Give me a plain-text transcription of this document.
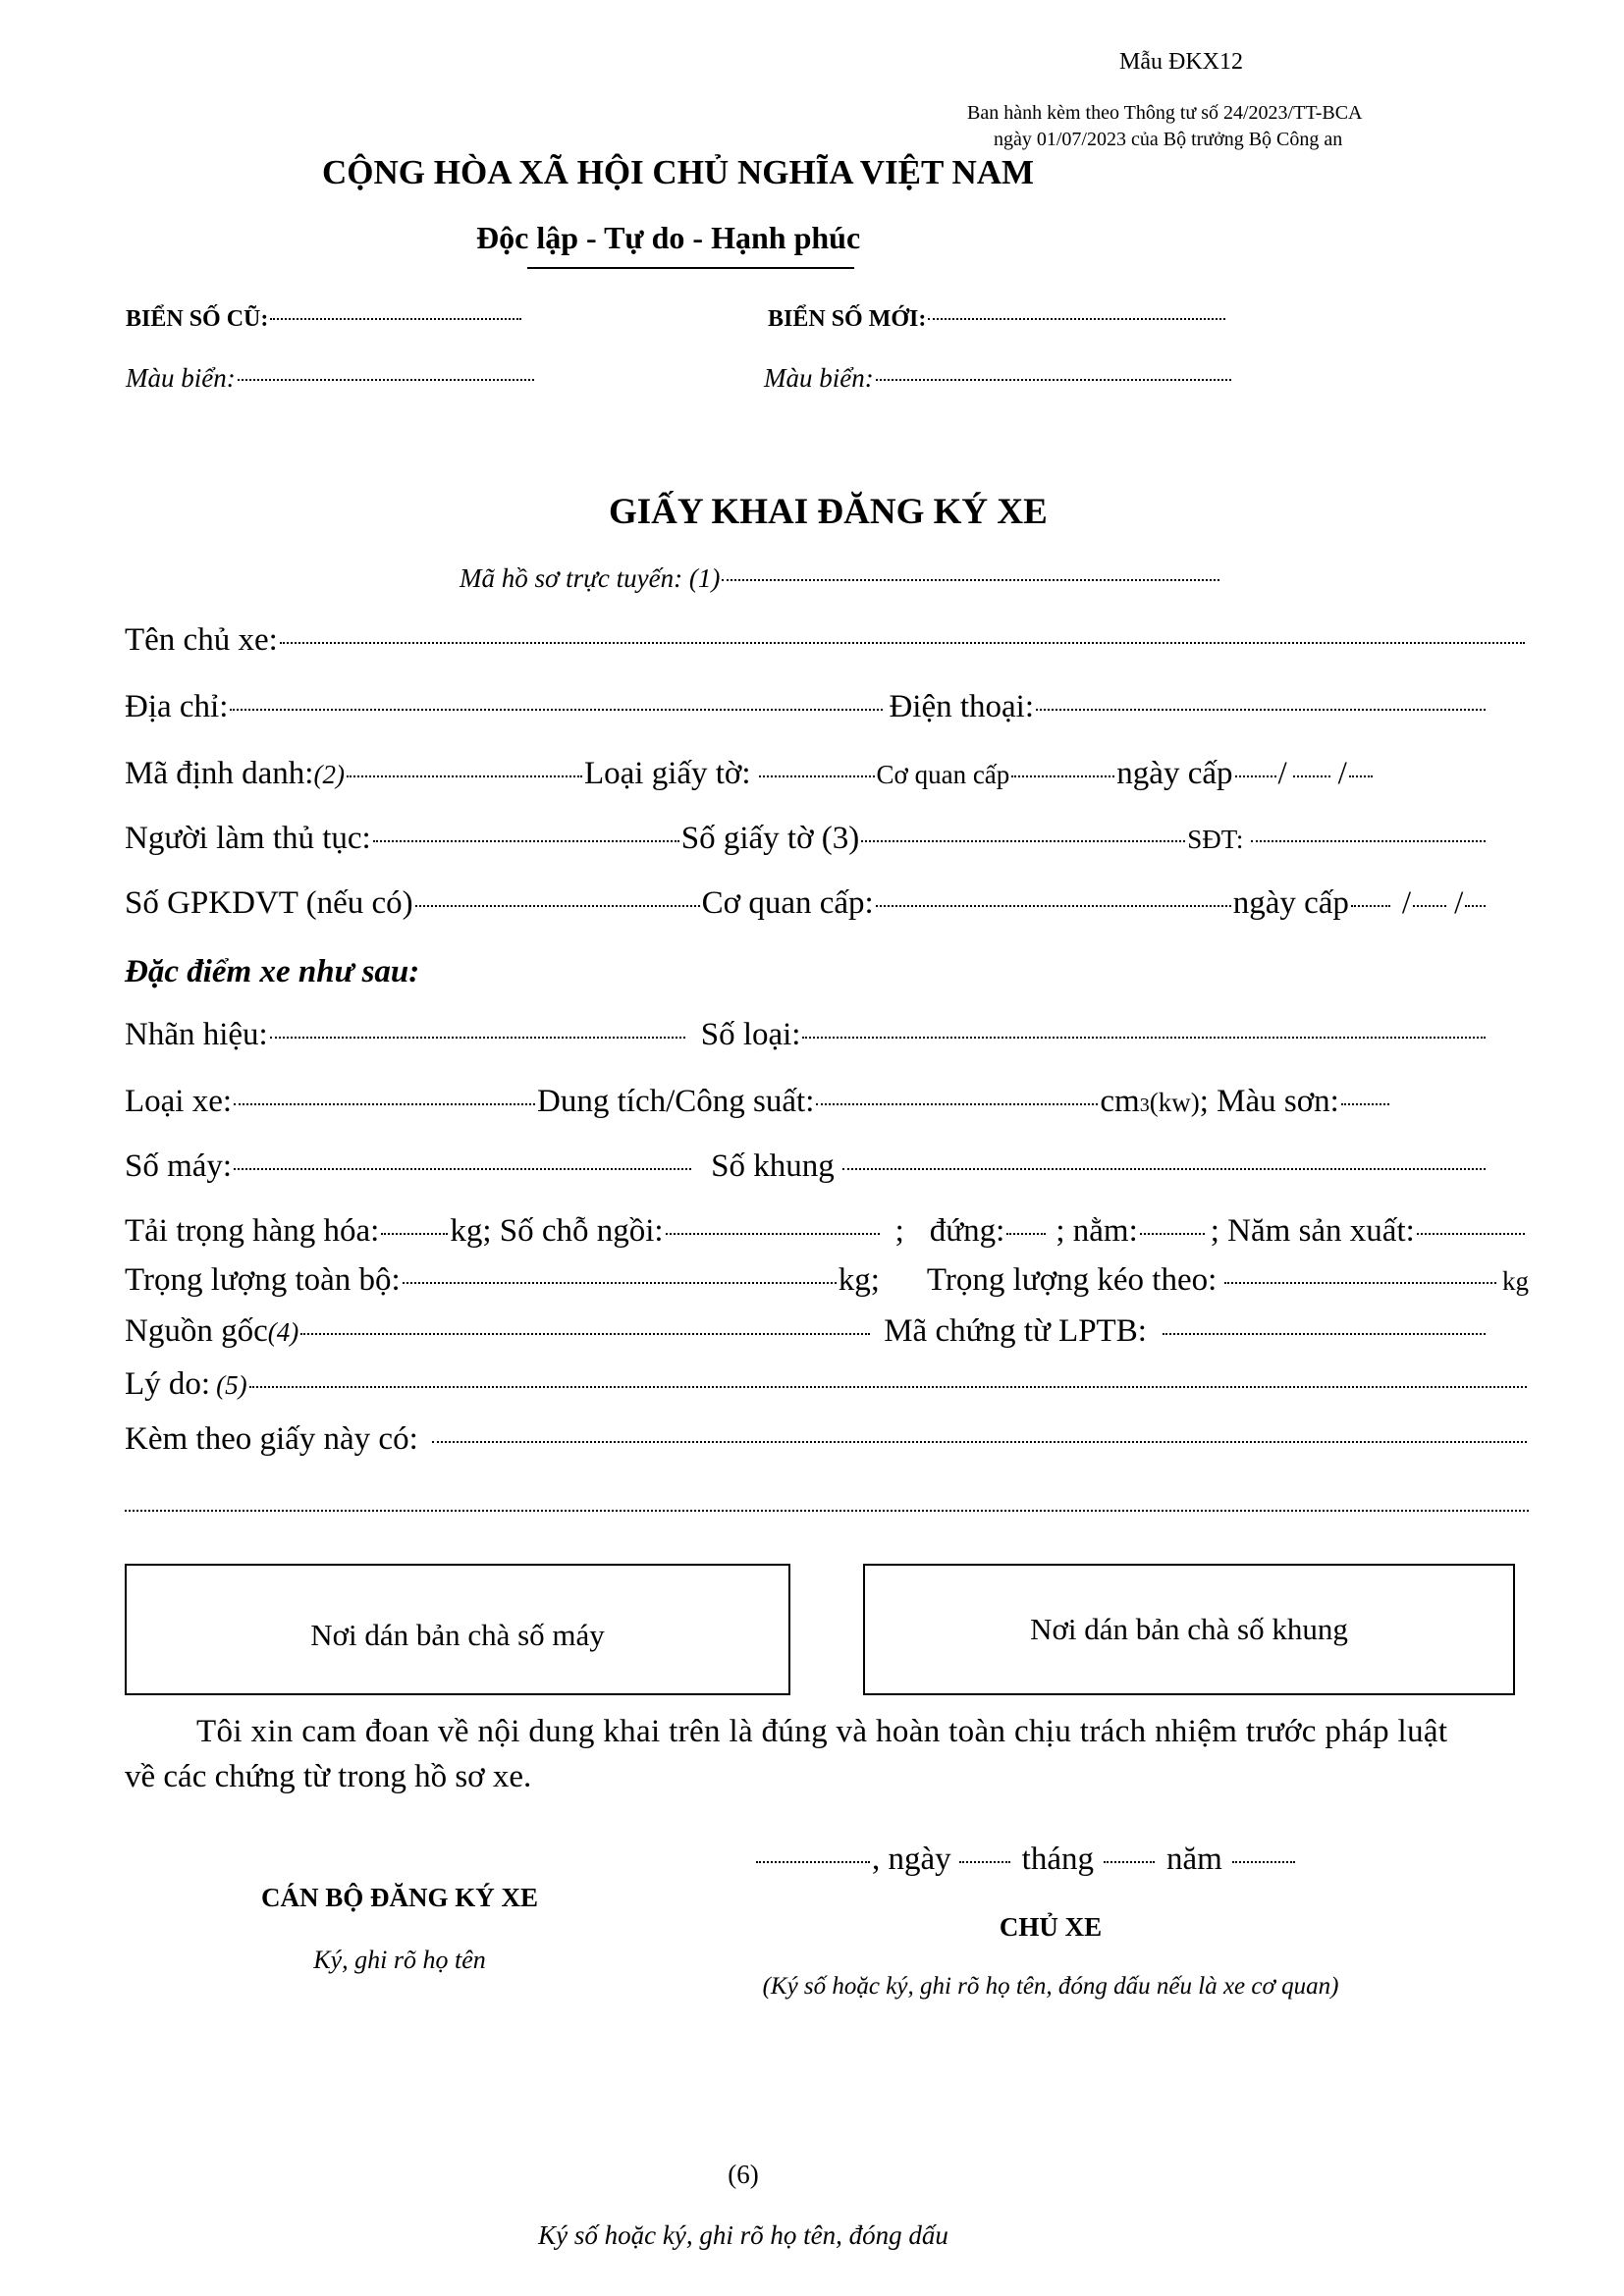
Mẫu ĐKX12
Ban hành kèm theo Thông tư số 24/2023/TT-BCA
ngày 01/07/2023 của Bộ trưởng Bộ Công an
CỘNG HÒA XÃ HỘI CHỦ NGHĨA VIỆT NAM
Độc lập - Tự do - Hạnh phúc
BIỂN SỐ CŨ:	BIỂN SỐ MỚI:
Màu biển:	Màu biển:
GIẤY KHAI ĐĂNG KÝ XE
Mã hồ sơ trực tuyến: (1)
Tên chủ xe:
Địa chỉ:	Điện thoại:
Mã định danh: (2)	Loại giấy tờ:	Cơ quan cấp	ngày cấp / /
Người làm thủ tục:	Số giấy tờ (3)	SĐT:
Số GPKDVT (nếu có)	Cơ quan cấp:	ngày cấp / /
Đặc điểm xe như sau:
Nhãn hiệu:	Số loại:
Loại xe:	Dung tích/Công suất:	cm 3 (kw) ; Màu sơn:
Số máy:	Số khung
Tải trọng hàng hóa: kg; Số chỗ ngồi:	; đứng: ; nằm: ; Năm sản xuất:
Trọng lượng toàn bộ:	kg; Trọng lượng kéo theo:	kg
Nguồn gốc (4)	Mã chứng từ LPTB:
Lý do: (5)
Kèm theo giấy này có:
Nơi dán bản chà số máy	Nơi dán bản chà số khung
Tôi xin cam đoan về nội dung khai trên là đúng và hoàn toàn chịu trách nhiệm trước pháp luật
về các chứng từ trong hồ sơ xe.
, ngày tháng năm
CÁN BỘ ĐĂNG KÝ XE
Ký, ghi rõ họ tên
CHỦ XE
(Ký số hoặc ký, ghi rõ họ tên, đóng dấu nếu là xe cơ quan)
(6)
Ký số hoặc ký, ghi rõ họ tên, đóng dấu
